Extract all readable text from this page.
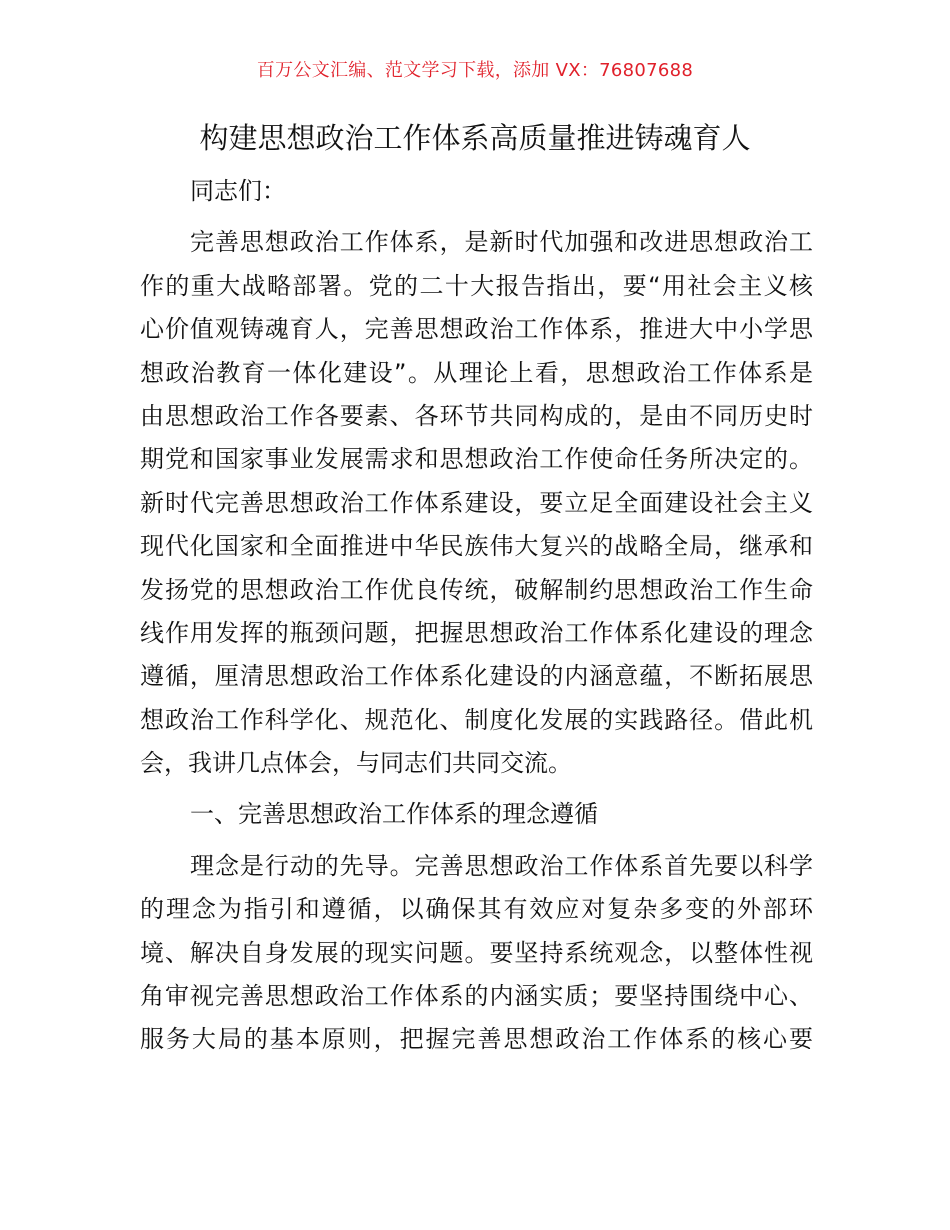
百万公文汇编、范文学习下载，添加 VX：76807688
构建思想政治工作体系高质量推进铸魂育人
同志们：
完善思想政治工作体系，是新时代加强和改进思想政治工
作的重大战略部署。党的二十大报告指出，要“用社会主义核
心价值观铸魂育人，完善思想政治工作体系，推进大中小学思
想政治教育一体化建设”。从理论上看，思想政治工作体系是
由思想政治工作各要素、各环节共同构成的，是由不同历史时
期党和国家事业发展需求和思想政治工作使命任务所决定的。
新时代完善思想政治工作体系建设，要立足全面建设社会主义
现代化国家和全面推进中华民族伟大复兴的战略全局，继承和
发扬党的思想政治工作优良传统，破解制约思想政治工作生命
线作用发挥的瓶颈问题，把握思想政治工作体系化建设的理念
遵循，厘清思想政治工作体系化建设的内涵意蕴，不断拓展思
想政治工作科学化、规范化、制度化发展的实践路径。借此机
会，我讲几点体会，与同志们共同交流。
一、完善思想政治工作体系的理念遵循
理念是行动的先导。完善思想政治工作体系首先要以科学
的理念为指引和遵循，以确保其有效应对复杂多变的外部环
境、解决自身发展的现实问题。要坚持系统观念，以整体性视
角审视完善思想政治工作体系的内涵实质；要坚持围绕中心、
服务大局的基本原则，把握完善思想政治工作体系的核心要
